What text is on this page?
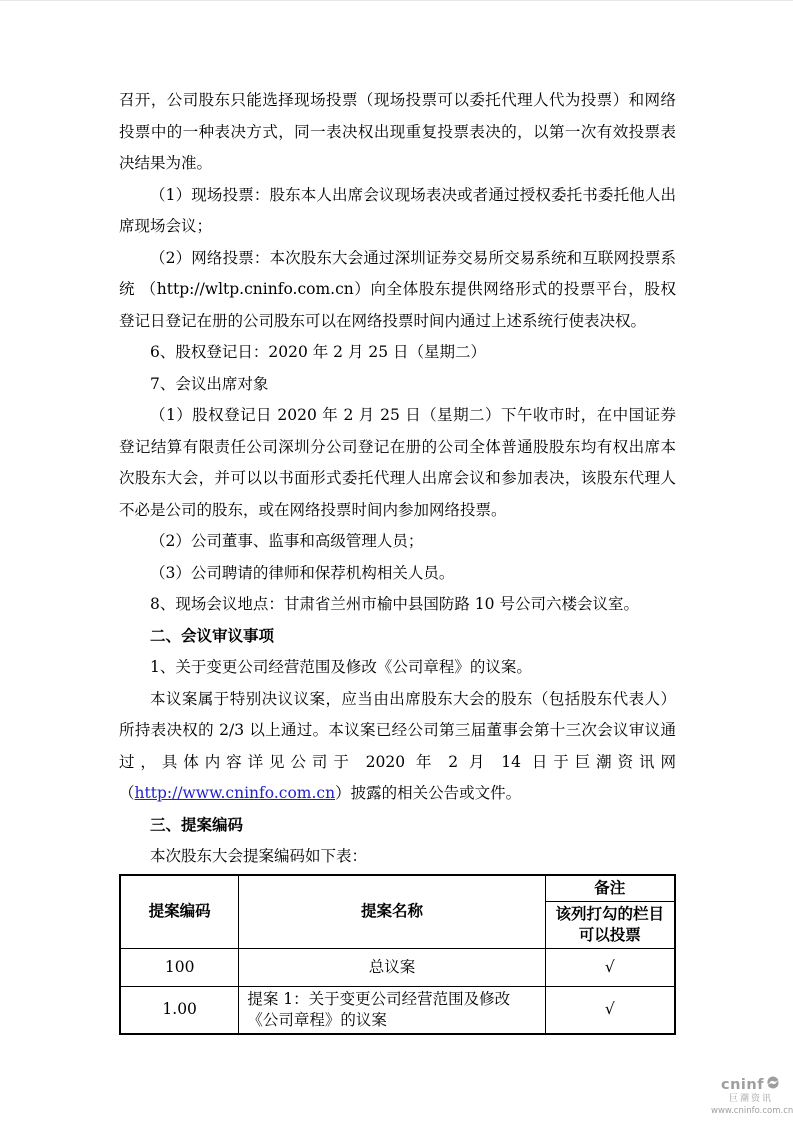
召开，公司股东只能选择现场投票（现场投票可以委托代理人代为投票）和网络投票中的一种表决方式，同一表决权出现重复投票表决的，以第一次有效投票表决结果为准。

（1）现场投票：股东本人出席会议现场表决或者通过授权委托书委托他人出席现场会议；

（2）网络投票：本次股东大会通过深圳证券交易所交易系统和互联网投票系统 （http://wltp.cninfo.com.cn）向全体股东提供网络形式的投票平台，股权登记日登记在册的公司股东可以在网络投票时间内通过上述系统行使表决权。

6、股权登记日：2020 年 2 月 25 日（星期二）

7、会议出席对象

（1）股权登记日 2020 年 2 月 25 日（星期二）下午收市时，在中国证券登记结算有限责任公司深圳分公司登记在册的公司全体普通股股东均有权出席本次股东大会，并可以以书面形式委托代理人出席会议和参加表决，该股东代理人不必是公司的股东，或在网络投票时间内参加网络投票。

（2）公司董事、监事和高级管理人员；

（3）公司聘请的律师和保荐机构相关人员。

8、现场会议地点：甘肃省兰州市榆中县国防路 10 号公司六楼会议室。

二、会议审议事项

1、关于变更公司经营范围及修改《公司章程》的议案。

本议案属于特别决议议案，应当由出席股东大会的股东（包括股东代表人）所持表决权的 2/3 以上通过。本议案已经公司第三届董事会第十三次会议审议通过，具体内容详见公司于 2020 年 2 月 14 日于巨潮资讯网（http://www.cninfo.com.cn）披露的相关公告或文件。

三、提案编码

本次股东大会提案编码如下表：

提案编码	提案名称	备注
		该列打勾的栏目可以投票
100	总议案	√
1.00	提案 1：关于变更公司经营范围及修改《公司章程》的议案	√
cninf
巨潮资讯
www.cninfo.com.cn
